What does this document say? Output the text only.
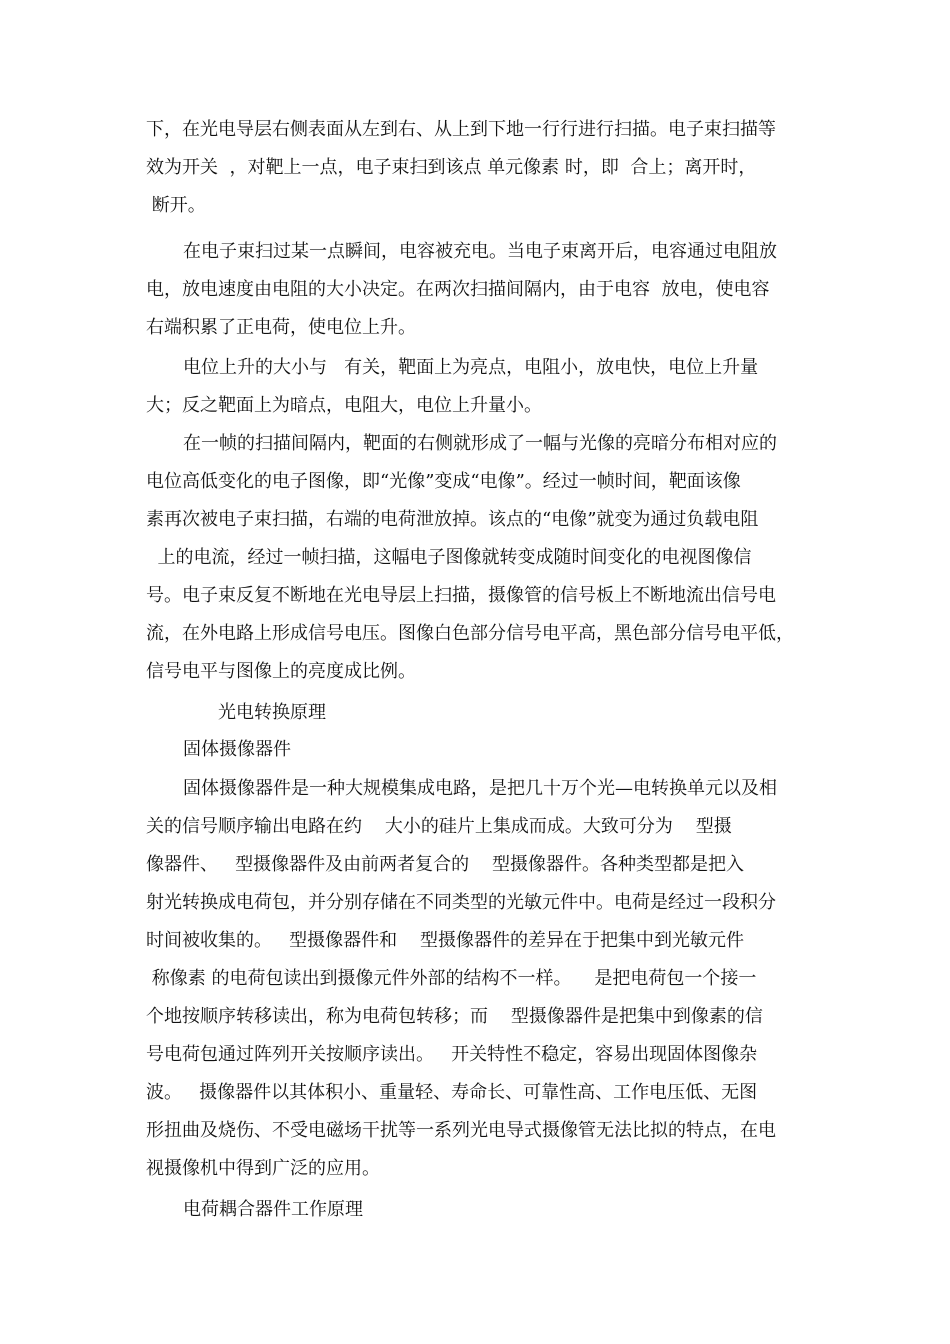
下，在光电导层右侧表面从左到右、从上到下地一行行进行扫描。电子束扫描等
效为开关  ，对靶上一点，电子束扫到该点 单元像素 时，即  合上；离开时，
断开。
在电子束扫过某一点瞬间，电容被充电。当电子束离开后，电容通过电阻放
电，放电速度由电阻的大小决定。在两次扫描间隔内，由于电容  放电，使电容
右端积累了正电荷，使电位上升。
电位上升的大小与   有关，靶面上为亮点，电阻小，放电快，电位上升量
大；反之靶面上为暗点，电阻大，电位上升量小。
在一帧的扫描间隔内，靶面的右侧就形成了一幅与光像的亮暗分布相对应的
电位高低变化的电子图像，即“光像”变成“电像”。经过一帧时间，靶面该像
素再次被电子束扫描，右端的电荷泄放掉。该点的“电像”就变为通过负载电阻
上的电流，经过一帧扫描，这幅电子图像就转变成随时间变化的电视图像信
号。电子束反复不断地在光电导层上扫描，摄像管的信号板上不断地流出信号电
流，在外电路上形成信号电压。图像白色部分信号电平高，黑色部分信号电平低，
信号电平与图像上的亮度成比例。
光电转换原理
固体摄像器件
固体摄像器件是一种大规模集成电路，是把几十万个光—电转换单元以及相
关的信号顺序输出电路在约    大小的硅片上集成而成。大致可分为    型摄
像器件、   型摄像器件及由前两者复合的    型摄像器件。各种类型都是把入
射光转换成电荷包，并分别存储在不同类型的光敏元件中。电荷是经过一段积分
时间被收集的。   型摄像器件和    型摄像器件的差异在于把集中到光敏元件
称像素 的电荷包读出到摄像元件外部的结构不一样。    是把电荷包一个接一
个地按顺序转移读出，称为电荷包转移；而    型摄像器件是把集中到像素的信
号电荷包通过阵列开关按顺序读出。   开关特性不稳定，容易出现固体图像杂
波。   摄像器件以其体积小、重量轻、寿命长、可靠性高、工作电压低、无图
形扭曲及烧伤、不受电磁场干扰等一系列光电导式摄像管无法比拟的特点，在电
视摄像机中得到广泛的应用。
电荷耦合器件工作原理
